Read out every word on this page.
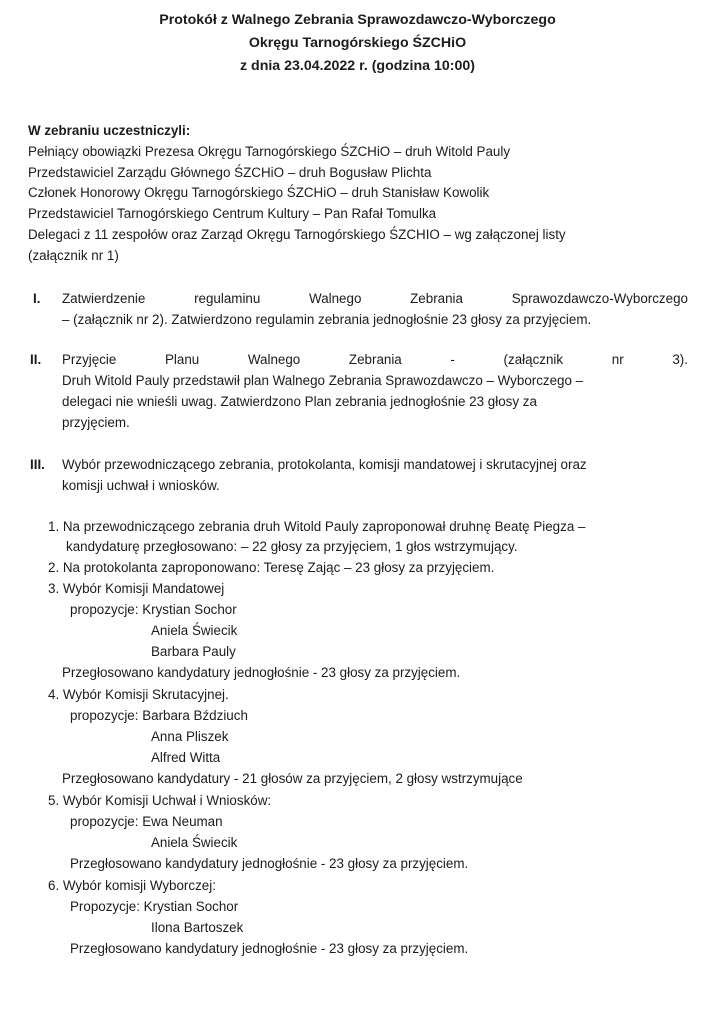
Protokół z Walnego Zebrania Sprawozdawczo-Wyborczego
Okręgu Tarnogórskiego ŚZCHiO
z dnia 23.04.2022 r. (godzina 10:00)
W zebraniu uczestniczyli:
Pełniący obowiązki Prezesa Okręgu Tarnogórskiego ŚZCHiO – druh Witold Pauly
Przedstawiciel Zarządu Głównego ŚZCHiO – druh Bogusław Plichta
Członek Honorowy Okręgu Tarnogórskiego ŚZCHiO – druh Stanisław Kowolik
Przedstawiciel Tarnogórskiego Centrum Kultury – Pan Rafał Tomulka
Delegaci z 11 zespołów oraz Zarząd Okręgu Tarnogórskiego ŚZCHIO – wg załączonej listy
(załącznik nr 1)
I. Zatwierdzenie	regulaminu	Walnego	Zebrania	Sprawozdawczo-Wyborczego
– (załącznik nr 2). Zatwierdzono regulamin zebrania jednogłośnie 23 głosy za przyjęciem.
II. Przyjęcie	Planu	Walnego	Zebrania	-	(załącznik	nr	3).
Druh Witold Pauly przedstawił plan Walnego Zebrania Sprawozdawczo – Wyborczego –
delegaci nie wnieśli uwag. Zatwierdzono Plan zebrania jednogłośnie 23 głosy za
przyjęciem.
III. Wybór przewodniczącego zebrania, protokolanta, komisji mandatowej i skrutacyjnej oraz
komisji uchwał i wniosków.
1. Na przewodniczącego zebrania druh Witold Pauly zaproponował druhnę Beatę Piegza –
kandydaturę przegłosowano: – 22 głosy za przyjęciem, 1 głos wstrzymujący.
2. Na protokolanta zaproponowano: Teresę Zając – 23 głosy za przyjęciem.
3. Wybór Komisji Mandatowej
propozycje: Krystian Sochor
Aniela Świecik
Barbara Pauly
Przegłosowano kandydatury jednogłośnie - 23 głosy za przyjęciem.
4. Wybór Komisji Skrutacyjnej.
propozycje: Barbara Bździuch
Anna Pliszek
Alfred Witta
Przegłosowano kandydatury - 21 głosów za przyjęciem, 2 głosy wstrzymujące
5. Wybór Komisji Uchwał i Wniosków:
propozycje: Ewa Neuman
Aniela Świecik
Przegłosowano kandydatury jednogłośnie - 23 głosy za przyjęciem.
6. Wybór komisji Wyborczej:
Propozycje: Krystian Sochor
Ilona Bartoszek
Przegłosowano kandydatury jednogłośnie - 23 głosy za przyjęciem.
